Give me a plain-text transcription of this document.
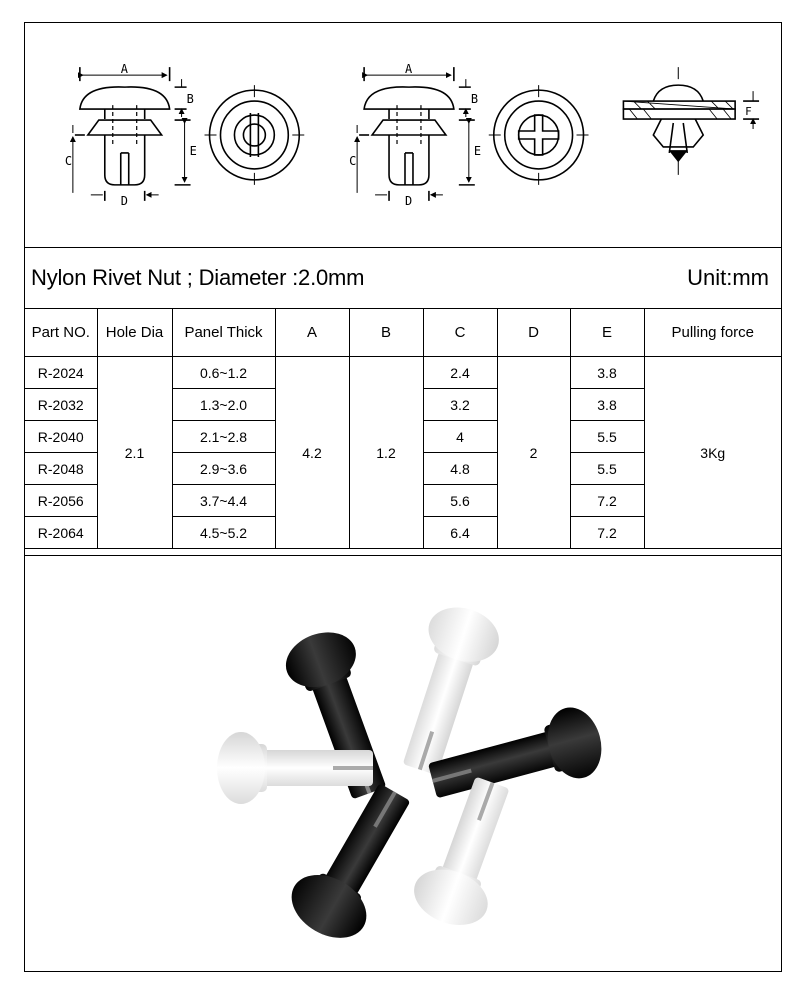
A
B
E
C
D
A
B
E
C
D
F
Nylon Rivet Nut ; Diameter :2.0mm	Unit:mm
Part NO.	Hole Dia	Panel Thick	A	B	C	D	E	Pulling force
R-2024	2.1	0.6~1.2	4.2	1.2	2.4	2	3.8	3Kg
R-2032		1.3~2.0			3.2		3.8	
R-2040		2.1~2.8			4		5.5	
R-2048		2.9~3.6			4.8		5.5	
R-2056		3.7~4.4			5.6		7.2	
R-2064		4.5~5.2			6.4		7.2	
